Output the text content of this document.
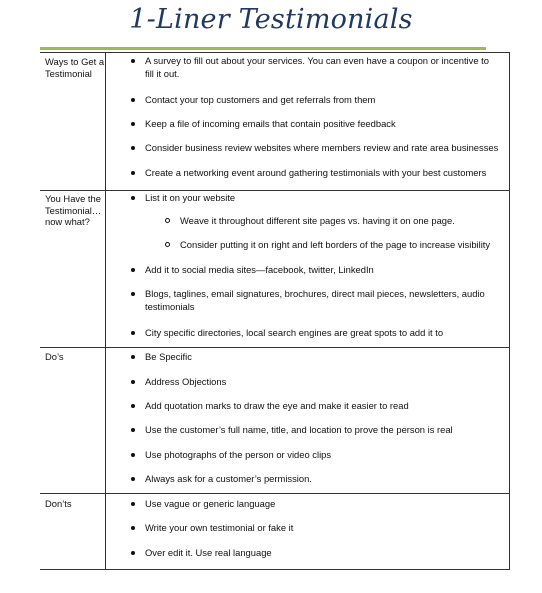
1-Liner Testimonials
Ways to Get a Testimonial
A survey to fill out about your services. You can even have a coupon or incentive to fill it out.
Contact your top customers and get referrals from them
Keep a file of incoming emails that contain positive feedback
Consider business review websites where members review and rate area businesses
Create a networking event around gathering testimonials with your best customers
You Have the Testimonial… now what?
List it on your website
Weave it throughout different site pages vs. having it on one page.
Consider putting it on right and left borders of the page to increase visibility
Add it to social media sites—facebook, twitter, LinkedIn
Blogs, taglines, email signatures, brochures, direct mail pieces, newsletters, audio testimonials
City specific directories, local search engines are great spots to add it to
Do’s	Be Specific
Address Objections
Add quotation marks to draw the eye and make it easier to read
Use the customer’s full name, title, and location to prove the person is real
Use photographs of the person or video clips
Always ask for a customer’s permission.
Don’ts	Use vague or generic language
Write your own testimonial or fake it
Over edit it. Use real language
